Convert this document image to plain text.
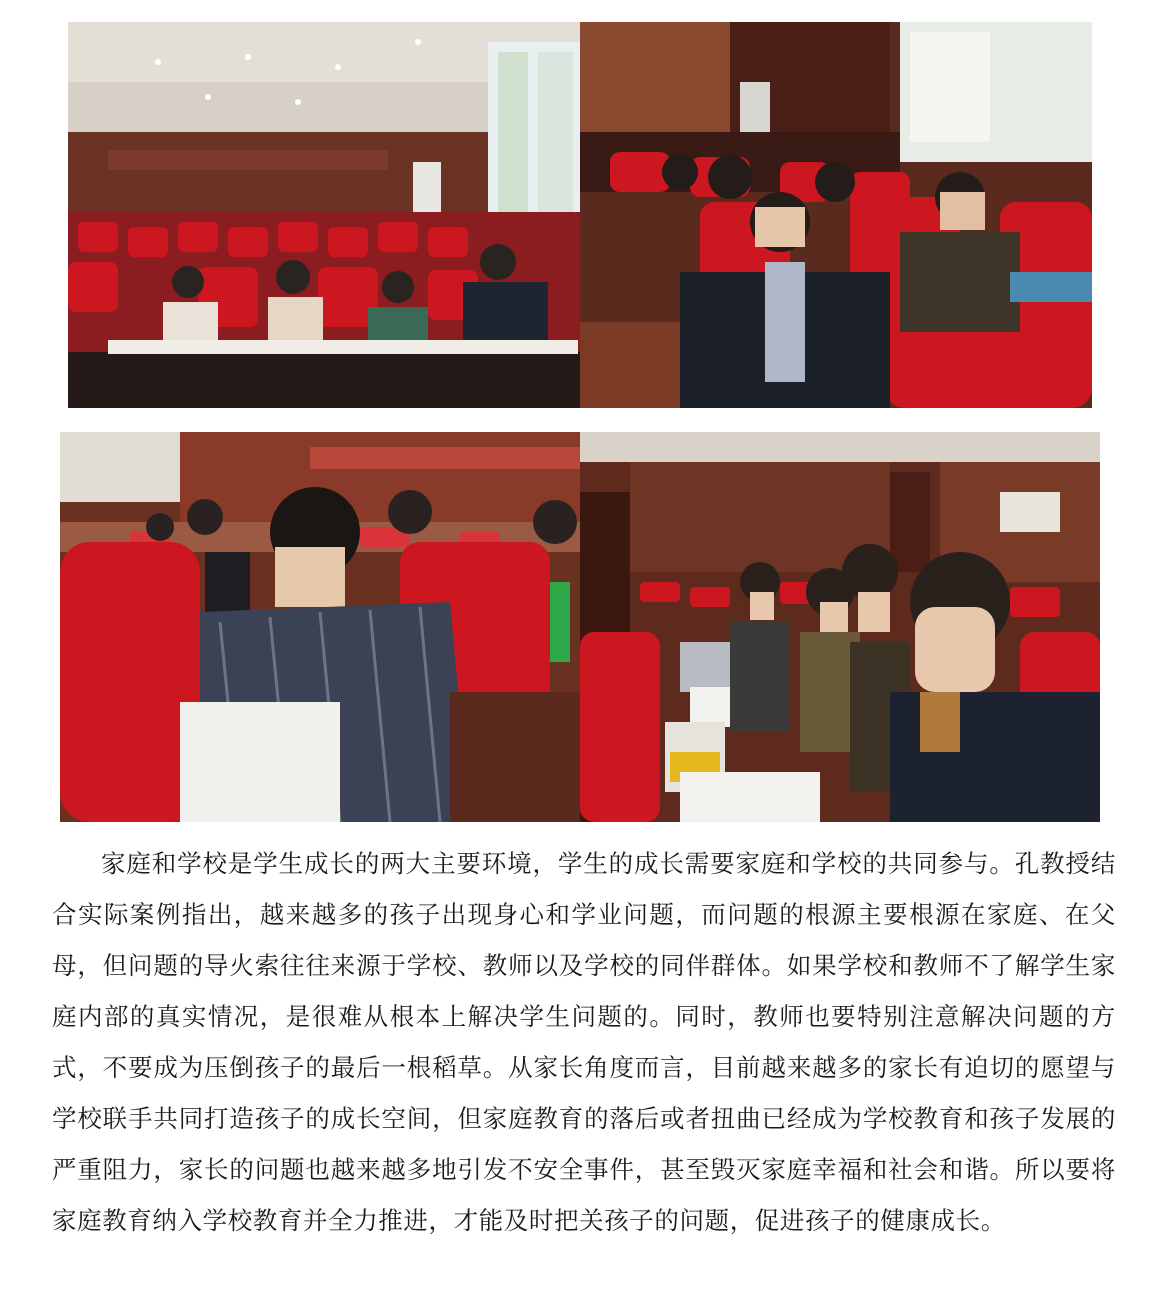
家庭和学校是学生成长的两大主要环境，学生的成长需要家庭和学校的共同参与。孔教授结合实际案例指出，越来越多的孩子出现身心和学业问题，而问题的根源主要根源在家庭、在父母，但问题的导火索往往来源于学校、教师以及学校的同伴群体。如果学校和教师不了解学生家庭内部的真实情况，是很难从根本上解决学生问题的。同时，教师也要特别注意解决问题的方式，不要成为压倒孩子的最后一根稻草。从家长角度而言，目前越来越多的家长有迫切的愿望与学校联手共同打造孩子的成长空间，但家庭教育的落后或者扭曲已经成为学校教育和孩子发展的严重阻力，家长的问题也越来越多地引发不安全事件，甚至毁灭家庭幸福和社会和谐。所以要将家庭教育纳入学校教育并全力推进，才能及时把关孩子的问题，促进孩子的健康成长。
